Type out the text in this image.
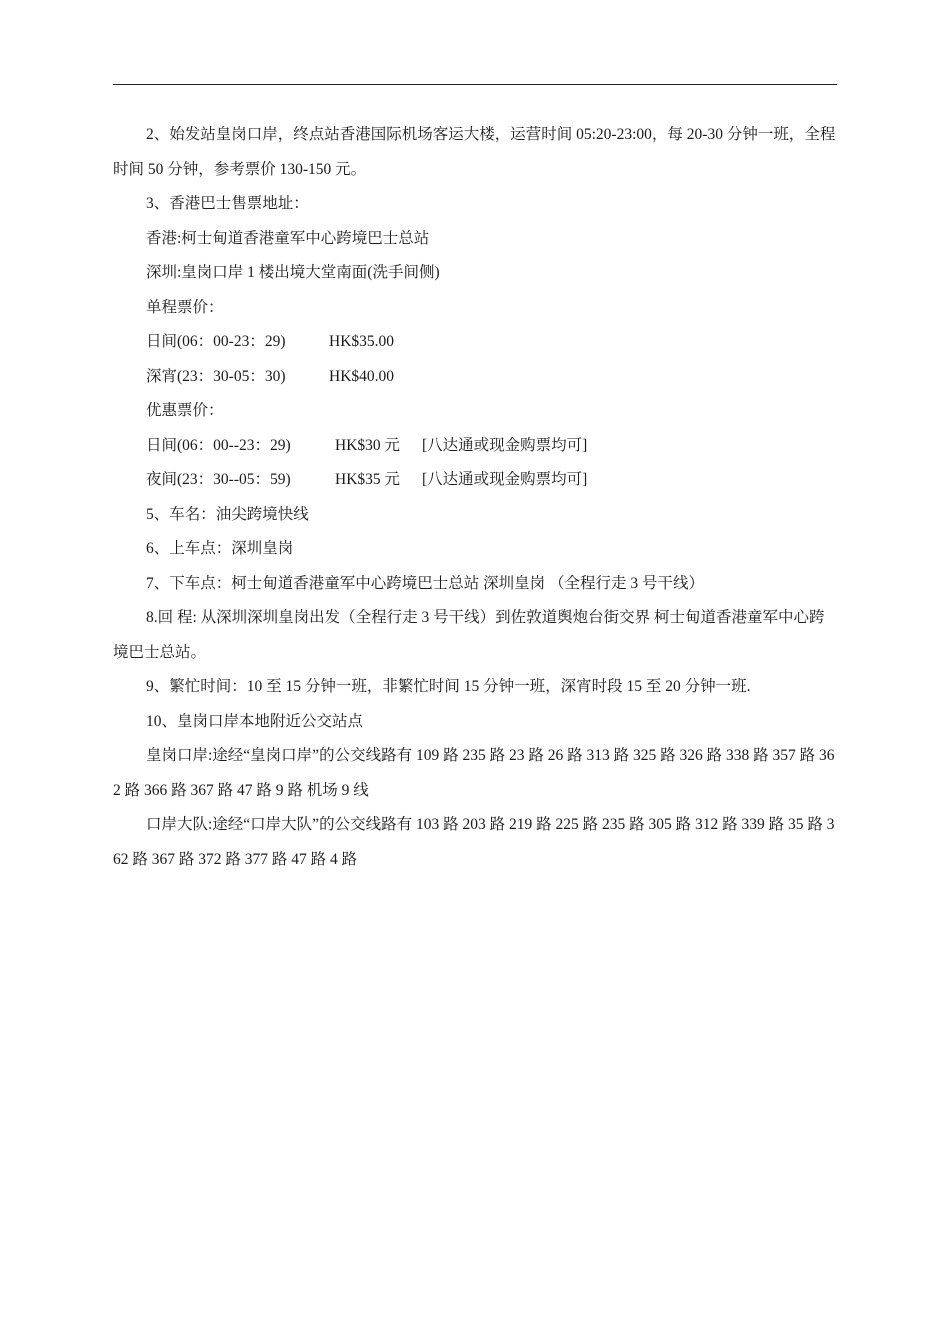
2、始发站皇岗口岸，终点站香港国际机场客运大楼，运营时间 05:20-23:00，每 20-30 分钟一班，全程时间 50 分钟，参考票价 130-150 元。

3、香港巴士售票地址：

香港:柯士甸道香港童军中心跨境巴士总站

深圳:皇岗口岸 1 楼出境大堂南面(洗手间侧)

单程票价：

日间(06：00-23：29)	HK$35.00

深宵(23：30-05：30)	HK$40.00

优惠票价：

日间(06：00--23：29)	HK$30 元 [八达通或现金购票均可]

夜间(23：30--05：59)	HK$35 元 [八达通或现金购票均可]

5、车名：油尖跨境快线

6、上车点：深圳皇岗

7、下车点：柯士甸道香港童军中心跨境巴士总站 深圳皇岗 （全程行走 3 号干线）

8.回 程: 从深圳深圳皇岗出发（全程行走 3 号干线）到佐敦道舆炮台街交界 柯士甸道香港童军中心跨境巴士总站。

9、繁忙时间：10 至 15 分钟一班，非繁忙时间 15 分钟一班，深宵时段 15 至 20 分钟一班.

10、皇岗口岸本地附近公交站点

皇岗口岸:途经“皇岗口岸”的公交线路有 109 路 235 路 23 路 26 路 313 路 325 路 326 路 338 路 357 路 362 路 366 路 367 路 47 路 9 路 机场 9 线

口岸大队:途经“口岸大队”的公交线路有 103 路 203 路 219 路 225 路 235 路 305 路 312 路 339 路 35 路 362 路 367 路 372 路 377 路 47 路 4 路
